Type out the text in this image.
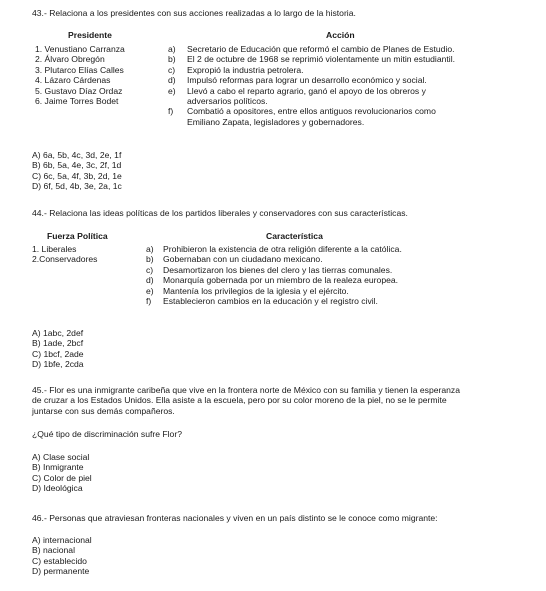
43.- Relaciona a los presidentes con sus acciones realizadas a lo largo de la historia.
Presidente	Acción
1. Venustiano Carranza
2. Álvaro Obregón
3. Plutarco Elías Calles
4. Lázaro Cárdenas
5. Gustavo Díaz Ordaz
6. Jaime Torres Bodet
a) Secretario de Educación que reformó el cambio de Planes de Estudio.
b) El 2 de octubre de 1968 se reprimió violentamente un mitin estudiantil.
c) Expropió la industria petrolera.
d) Impulsó reformas para lograr un desarrollo económico y social.
e) Llevó a cabo el reparto agrario, ganó el apoyo de los obreros y
adversarios políticos.
f) Combatió a opositores, entre ellos antiguos revolucionarios como
Emiliano Zapata, legisladores y gobernadores.
A) 6a, 5b, 4c, 3d, 2e, 1f
B) 6b, 5a, 4e, 3c, 2f, 1d
C) 6c, 5a, 4f, 3b, 2d, 1e
D) 6f, 5d, 4b, 3e, 2a, 1c
44.- Relaciona las ideas políticas de los partidos liberales y conservadores con sus características.
Fuerza Política	Característica
1. Liberales
2.Conservadores
a) Prohibieron la existencia de otra religión diferente a la católica.
b) Gobernaban con un ciudadano mexicano.
c) Desamortizaron los bienes del clero y las tierras comunales.
d) Monarquía gobernada por un miembro de la realeza europea.
e) Mantenía los privilegios de la iglesia y el ejército.
f) Establecieron cambios en la educación y el registro civil.
A) 1abc, 2def
B) 1ade, 2bcf
C) 1bcf, 2ade
D) 1bfe, 2cda
45.- Flor es una inmigrante caribeña que vive en la frontera norte de México con su familia y tienen la esperanza
de cruzar a los Estados Unidos. Ella asiste a la escuela, pero por su color moreno de la piel, no se le permite
juntarse con sus demás compañeros.
¿Qué tipo de discriminación sufre Flor?
A) Clase social
B) Inmigrante
C) Color de piel
D) Ideológica
46.- Personas que atraviesan fronteras nacionales y viven en un país distinto se le conoce como migrante:
A) internacional
B) nacional
C) establecido
D) permanente
